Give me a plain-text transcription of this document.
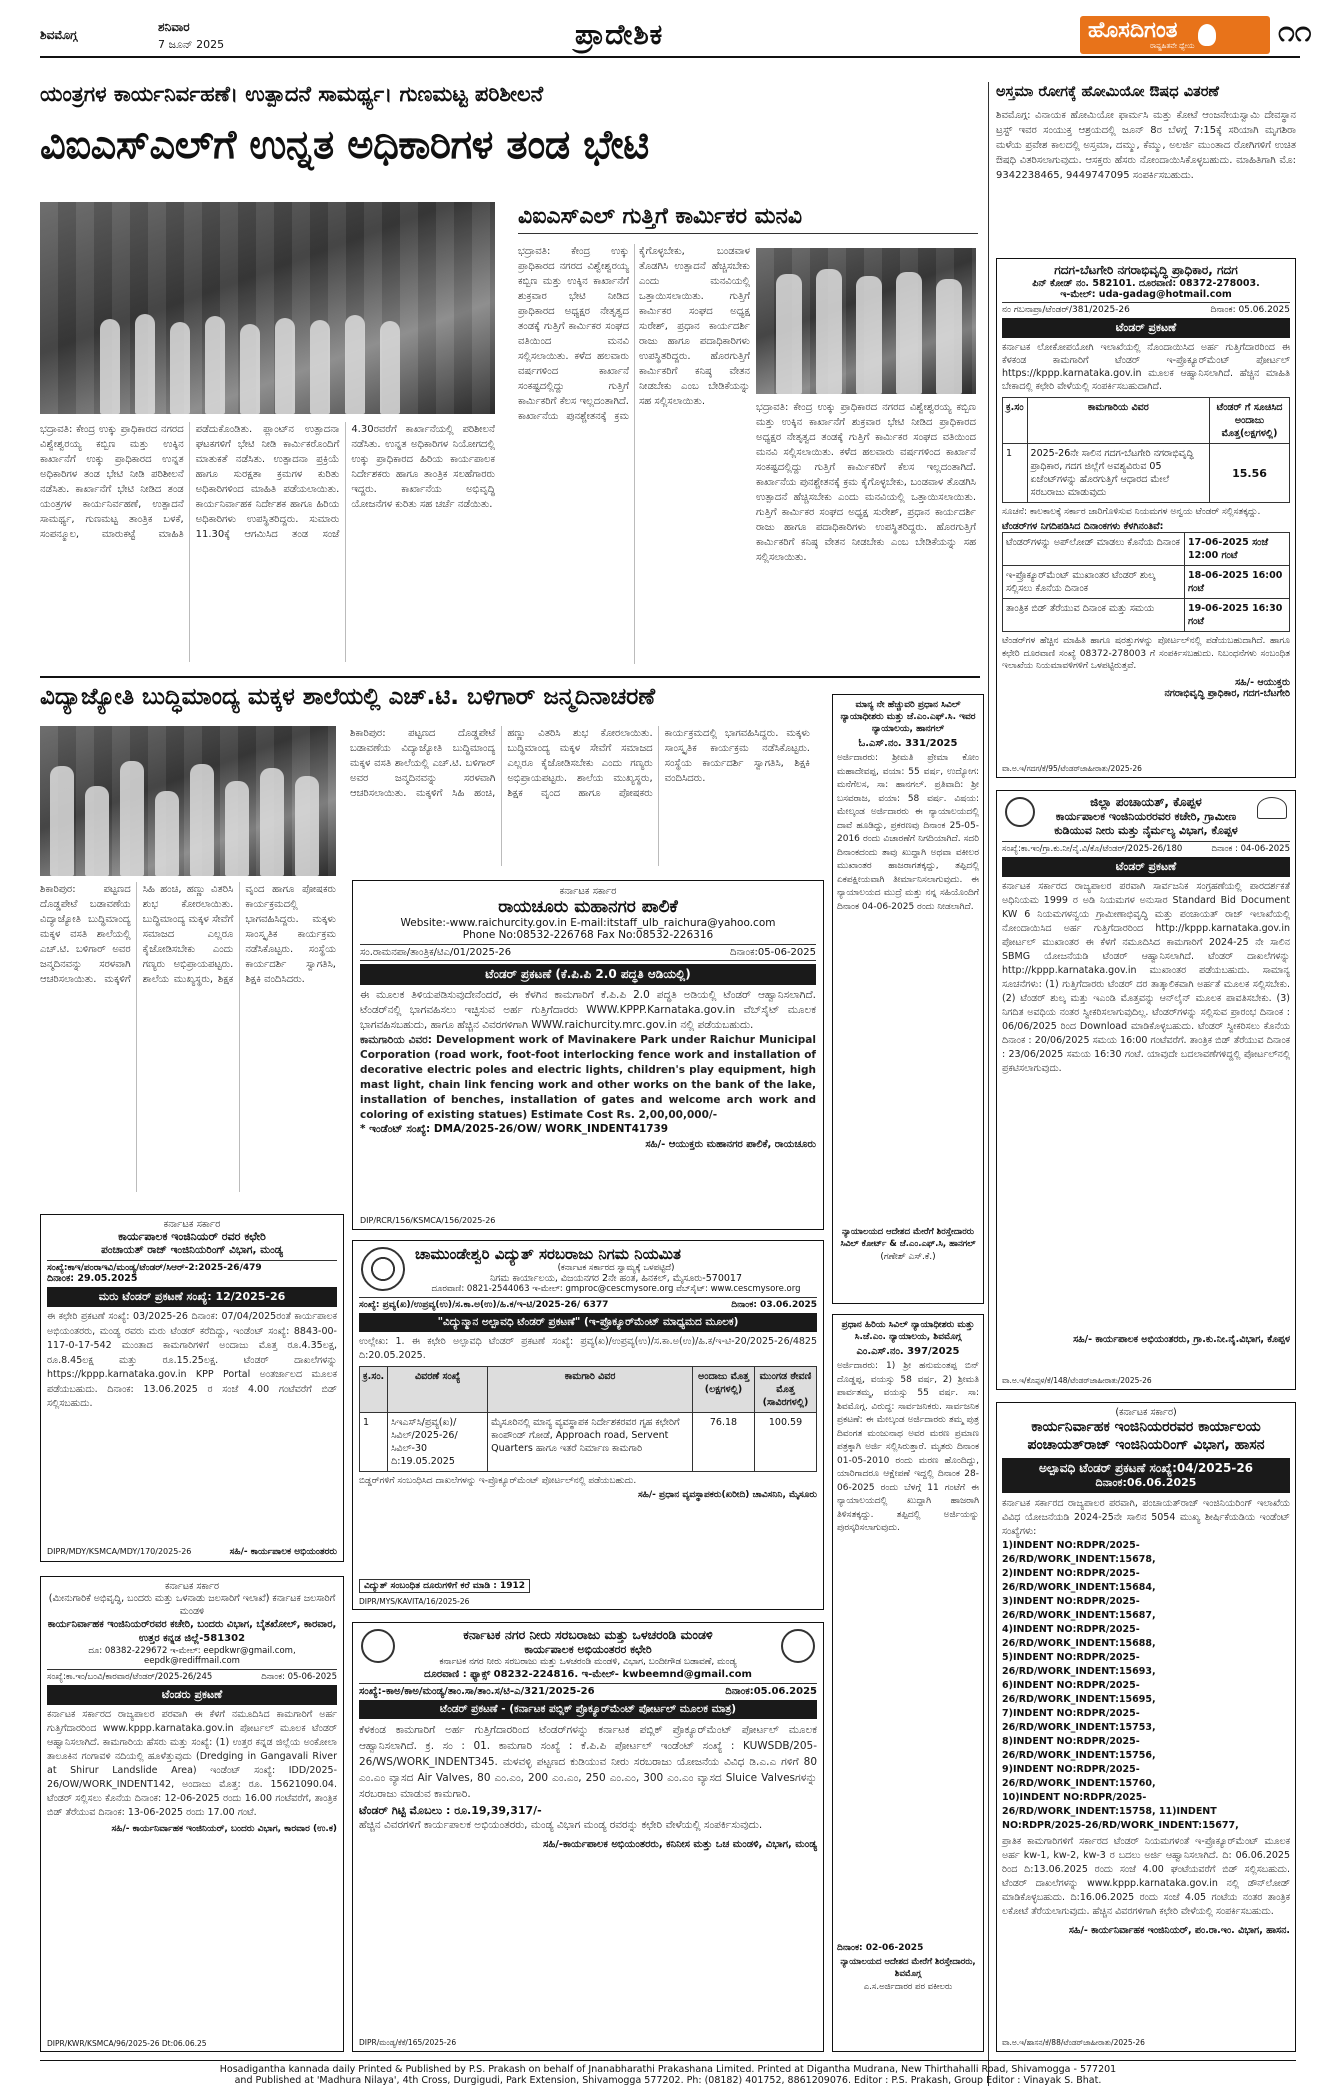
ಶಿವಮೊಗ್ಗ
ಶನಿವಾರ
7 ಜೂನ್ 2025	ಪ್ರಾದೇಶಿಕ	ಹೊಸದಿಗಂತ
ರಾಷ್ಟ್ರಹಿತವೇ ಧ್ಯೇಯ	೧೧
ಯಂತ್ರಗಳ ಕಾರ್ಯನಿರ್ವಹಣೆ। ಉತ್ಪಾದನೆ ಸಾಮರ್ಥ್ಯ। ಗುಣಮಟ್ಟ ಪರಿಶೀಲನೆ
ವಿಐಎಸ್‌ಎಲ್‌ಗೆ ಉನ್ನತ ಅಧಿಕಾರಿಗಳ ತಂಡ ಭೇಟಿ
ಭದ್ರಾವತಿ: ಕೇಂದ್ರ ಉಕ್ಕು ಪ್ರಾಧಿಕಾರದ ನಗರದ ವಿಶ್ವೇಶ್ವರಯ್ಯ ಕಬ್ಬಿಣ ಮತ್ತು ಉಕ್ಕಿನ ಕಾರ್ಖಾನೆಗೆ ಉಕ್ಕು ಪ್ರಾಧಿಕಾರದ ಉನ್ನತ ಅಧಿಕಾರಿಗಳ ತಂಡ ಭೇಟಿ ನೀಡಿ ಪರಿಶೀಲನೆ ನಡೆಸಿತು. ಕಾರ್ಖಾನೆಗೆ ಭೇಟಿ ನೀಡಿದ ತಂಡ ಯಂತ್ರಗಳ ಕಾರ್ಯನಿರ್ವಹಣೆ, ಉತ್ಪಾದನೆ ಸಾಮರ್ಥ್ಯ, ಗುಣಮಟ್ಟ ತಾಂತ್ರಿಕ ಬಳಕೆ, ಸಂಪನ್ಮೂಲ, ಮಾರುಕಟ್ಟೆ ಮಾಹಿತಿ ಪಡೆದುಕೊಂಡಿತು. ಪ್ಲಾಂಟ್‌ನ ಉತ್ಪಾದನಾ ಘಟಕಗಳಿಗೆ ಭೇಟಿ ನೀಡಿ ಕಾರ್ಮಿಕರೊಂದಿಗೆ ಮಾತುಕತೆ ನಡೆಸಿತು. ಉತ್ಪಾದನಾ ಪ್ರಕ್ರಿಯೆ ಹಾಗೂ ಸುರಕ್ಷತಾ ಕ್ರಮಗಳ ಕುರಿತು ಅಧಿಕಾರಿಗಳಿಂದ ಮಾಹಿತಿ ಪಡೆಯಲಾಯಿತು. ಕಾರ್ಯನಿರ್ವಾಹಕ ನಿರ್ದೇಶಕ ಹಾಗೂ ಹಿರಿಯ ಅಧಿಕಾರಿಗಳು ಉಪಸ್ಥಿತರಿದ್ದರು. ಸುಮಾರು 11.30ಕ್ಕೆ ಆಗಮಿಸಿದ ತಂಡ ಸಂಜೆ 4.30ರವರೆಗೆ ಕಾರ್ಖಾನೆಯಲ್ಲಿ ಪರಿಶೀಲನೆ ನಡೆಸಿತು. ಉನ್ನತ ಅಧಿಕಾರಿಗಳ ನಿಯೋಗದಲ್ಲಿ ಉಕ್ಕು ಪ್ರಾಧಿಕಾರದ ಹಿರಿಯ ಕಾರ್ಯಪಾಲಕ ನಿರ್ದೇಶಕರು ಹಾಗೂ ತಾಂತ್ರಿಕ ಸಲಹೆಗಾರರು ಇದ್ದರು. ಕಾರ್ಖಾನೆಯ ಅಭಿವೃದ್ಧಿ ಯೋಜನೆಗಳ ಕುರಿತು ಸಹ ಚರ್ಚೆ ನಡೆಯಿತು.
ವಿಐಎಸ್‌ಎಲ್ ಗುತ್ತಿಗೆ ಕಾರ್ಮಿಕರ ಮನವಿ
ಭದ್ರಾವತಿ: ಕೇಂದ್ರ ಉಕ್ಕು ಪ್ರಾಧಿಕಾರದ ನಗರದ ವಿಶ್ವೇಶ್ವರಯ್ಯ ಕಬ್ಬಿಣ ಮತ್ತು ಉಕ್ಕಿನ ಕಾರ್ಖಾನೆಗೆ ಶುಕ್ರವಾರ ಭೇಟಿ ನೀಡಿದ ಪ್ರಾಧಿಕಾರದ ಅಧ್ಯಕ್ಷರ ನೇತೃತ್ವದ ತಂಡಕ್ಕೆ ಗುತ್ತಿಗೆ ಕಾರ್ಮಿಕರ ಸಂಘದ ವತಿಯಿಂದ ಮನವಿ ಸಲ್ಲಿಸಲಾಯಿತು. ಕಳೆದ ಹಲವಾರು ವರ್ಷಗಳಿಂದ ಕಾರ್ಖಾನೆ ಸಂಕಷ್ಟದಲ್ಲಿದ್ದು ಗುತ್ತಿಗೆ ಕಾರ್ಮಿಕರಿಗೆ ಕೆಲಸ ಇಲ್ಲದಂತಾಗಿದೆ. ಕಾರ್ಖಾನೆಯ ಪುನಶ್ಚೇತನಕ್ಕೆ ಕ್ರಮ ಕೈಗೊಳ್ಳಬೇಕು, ಬಂಡವಾಳ ತೊಡಗಿಸಿ ಉತ್ಪಾದನೆ ಹೆಚ್ಚಿಸಬೇಕು ಎಂದು ಮನವಿಯಲ್ಲಿ ಒತ್ತಾಯಿಸಲಾಯಿತು. ಗುತ್ತಿಗೆ ಕಾರ್ಮಿಕರ ಸಂಘದ ಅಧ್ಯಕ್ಷ ಸುರೇಶ್, ಪ್ರಧಾನ ಕಾರ್ಯದರ್ಶಿ ರಾಜು ಹಾಗೂ ಪದಾಧಿಕಾರಿಗಳು ಉಪಸ್ಥಿತರಿದ್ದರು. ಹೊರಗುತ್ತಿಗೆ ಕಾರ್ಮಿಕರಿಗೆ ಕನಿಷ್ಠ ವೇತನ ನೀಡಬೇಕು ಎಂಬ ಬೇಡಿಕೆಯನ್ನು ಸಹ ಸಲ್ಲಿಸಲಾಯಿತು.
ಭದ್ರಾವತಿ: ಕೇಂದ್ರ ಉಕ್ಕು ಪ್ರಾಧಿಕಾರದ ನಗರದ ವಿಶ್ವೇಶ್ವರಯ್ಯ ಕಬ್ಬಿಣ ಮತ್ತು ಉಕ್ಕಿನ ಕಾರ್ಖಾನೆಗೆ ಶುಕ್ರವಾರ ಭೇಟಿ ನೀಡಿದ ಪ್ರಾಧಿಕಾರದ ಅಧ್ಯಕ್ಷರ ನೇತೃತ್ವದ ತಂಡಕ್ಕೆ ಗುತ್ತಿಗೆ ಕಾರ್ಮಿಕರ ಸಂಘದ ವತಿಯಿಂದ ಮನವಿ ಸಲ್ಲಿಸಲಾಯಿತು. ಕಳೆದ ಹಲವಾರು ವರ್ಷಗಳಿಂದ ಕಾರ್ಖಾನೆ ಸಂಕಷ್ಟದಲ್ಲಿದ್ದು ಗುತ್ತಿಗೆ ಕಾರ್ಮಿಕರಿಗೆ ಕೆಲಸ ಇಲ್ಲದಂತಾಗಿದೆ. ಕಾರ್ಖಾನೆಯ ಪುನಶ್ಚೇತನಕ್ಕೆ ಕ್ರಮ ಕೈಗೊಳ್ಳಬೇಕು, ಬಂಡವಾಳ ತೊಡಗಿಸಿ ಉತ್ಪಾದನೆ ಹೆಚ್ಚಿಸಬೇಕು ಎಂದು ಮನವಿಯಲ್ಲಿ ಒತ್ತಾಯಿಸಲಾಯಿತು. ಗುತ್ತಿಗೆ ಕಾರ್ಮಿಕರ ಸಂಘದ ಅಧ್ಯಕ್ಷ ಸುರೇಶ್, ಪ್ರಧಾನ ಕಾರ್ಯದರ್ಶಿ ರಾಜು ಹಾಗೂ ಪದಾಧಿಕಾರಿಗಳು ಉಪಸ್ಥಿತರಿದ್ದರು. ಹೊರಗುತ್ತಿಗೆ ಕಾರ್ಮಿಕರಿಗೆ ಕನಿಷ್ಠ ವೇತನ ನೀಡಬೇಕು ಎಂಬ ಬೇಡಿಕೆಯನ್ನು ಸಹ ಸಲ್ಲಿಸಲಾಯಿತು.
ಅಸ್ತಮಾ ರೋಗಕ್ಕೆ ಹೋಮಿಯೋ ಔಷಧ ವಿತರಣೆ
ಶಿವಮೊಗ್ಗ: ವಿನಾಯಕ ಹೋಮಿಯೋ ಫಾರ್ಮಸಿ ಮತ್ತು ಕೋಟೆ ಆಂಜನೇಯಸ್ವಾಮಿ ದೇವಸ್ಥಾನ ಟ್ರಸ್ಟ್ ಇವರ ಸಂಯುಕ್ತ ಆಶ್ರಯದಲ್ಲಿ ಜೂನ್ 8ರ ಬೆಳಗ್ಗೆ 7:15ಕ್ಕೆ ಸರಿಯಾಗಿ ಮೃಗಶಿರಾ ಮಳೆಯ ಪ್ರವೇಶ ಕಾಲದಲ್ಲಿ ಅಸ್ತಮಾ, ದಮ್ಮು, ಕೆಮ್ಮು, ಅಲರ್ಜಿ ಮುಂತಾದ ರೋಗಿಗಳಿಗೆ ಉಚಿತ ಔಷಧಿ ವಿತರಿಸಲಾಗುವುದು. ಆಸಕ್ತರು ಹೆಸರು ನೋಂದಾಯಿಸಿಕೊಳ್ಳಬಹುದು. ಮಾಹಿತಿಗಾಗಿ ಮೊ: 9342238465, 9449747095 ಸಂಪರ್ಕಿಸಬಹುದು.
ಗದಗ-ಬೆಟಗೇರಿ ನಗರಾಭಿವೃದ್ಧಿ ಪ್ರಾಧಿಕಾರ, ಗದಗ
ಪಿನ್ ಕೋಡ್ ನಂ. 582101. ದೂರವಾಣಿ: 08372-278003.
ಇ-ಮೇಲ್: uda-gadag@hotmail.com
ನಂ ಗಬನಾಪ್ರಾ/ಟೆಂಡರ್/381/2025-26	ದಿನಾಂಕ: 05.06.2025
ಟೆಂಡರ್ ಪ್ರಕಟಣೆ
ಕರ್ನಾಟಕ ಲೋಕೋಪಯೋಗಿ ಇಲಾಖೆಯಲ್ಲಿ ನೊಂದಾಯಿಸಿದ ಅರ್ಹ ಗುತ್ತಿಗೆದಾರರಿಂದ ಈ ಕೆಳಕಂಡ ಕಾಮಗಾರಿಗೆ ಟೆಂಡರ್ ಇ-ಪ್ರೊಕ್ಯೂರ್‌ಮೆಂಟ್ ಪೋರ್ಟಲ್ https://kppp.karnataka.gov.in ಮೂಲಕ ಆಹ್ವಾನಿಸಲಾಗಿದೆ. ಹೆಚ್ಚಿನ ಮಾಹಿತಿ ಬೇಕಾದಲ್ಲಿ ಕಛೇರಿ ವೇಳೆಯಲ್ಲಿ ಸಂಪರ್ಕಿಸಬಹುದಾಗಿದೆ.
ಕ್ರ.ಸಂ	ಕಾಮಗಾರಿಯ ವಿವರ	ಟೆಂಡರ್ ಗೆ ಸೂಚಿಸಿದ ಅಂದಾಜು ಮೊತ್ತ(ಲಕ್ಷಗಳಲ್ಲಿ)
1	2025-26ನೇ ಸಾಲಿನ ಗದಗ-ಬೆಟಗೇರಿ ನಗರಾಭಿವೃದ್ಧಿ ಪ್ರಾಧಿಕಾರ, ಗದಗ ಜಿಲ್ಲೆಗೆ ಅವಶ್ಯವಿರುವ 05 ಏಜೆಂಟ್‌ಗಳನ್ನು ಹೊರಗುತ್ತಿಗೆ ಆಧಾರದ ಮೇಲೆ ಸರಬರಾಜು ಮಾಡುವುದು	15.56
ಸೂಚನೆ: ಕಾಲಕಾಲಕ್ಕೆ ಸರ್ಕಾರ ಜಾರಿಗೊಳಿಸುವ ನಿಯಮಗಳ ಅನ್ವಯ ಟೆಂಡರ್ ಸಲ್ಲಿಸತಕ್ಕದ್ದು.
ಟೆಂಡರ್‌ಗಳ ನಿಗದಿಪಡಿಸಿದ ದಿನಾಂಕಗಳು ಕೆಳಗಿನಂತಿವೆ:
ಟೆಂಡರ್‌ಗಳನ್ನು ಅಪ್‌ಲೋಡ್ ಮಾಡಲು ಕೊನೆಯ ದಿನಾಂಕ	17-06-2025 ಸಂಜೆ 12:00 ಗಂಟೆ
ಇ-ಪ್ರೊಕ್ಯೂರ್‌ಮೆಂಟ್ ಮುಖಾಂತರ ಟೆಂಡರ್ ಶುಲ್ಕ ಸಲ್ಲಿಸಲು ಕೊನೆಯ ದಿನಾಂಕ	18-06-2025 16:00 ಗಂಟೆ
ತಾಂತ್ರಿಕ ಬಿಡ್ ತೆರೆಯುವ ದಿನಾಂಕ ಮತ್ತು ಸಮಯ	19-06-2025 16:30 ಗಂಟೆ
ಟೆಂಡರ್‌ಗಳ ಹೆಚ್ಚಿನ ಮಾಹಿತಿ ಹಾಗೂ ಷರತ್ತುಗಳನ್ನು ಪೋರ್ಟಲ್‌ನಲ್ಲಿ ಪಡೆಯಬಹುದಾಗಿದೆ. ಹಾಗೂ ಕಛೇರಿ ದೂರವಾಣಿ ಸಂಖ್ಯೆ 08372-278003 ಗೆ ಸಂಪರ್ಕಿಸಬಹುದು. ನಿಬಂಧನೆಗಳು ಸಂಬಂಧಿತ ಇಲಾಖೆಯ ನಿಯಮಾವಳಿಗಳಿಗೆ ಒಳಪಟ್ಟಿರುತ್ತವೆ.
ಸಹಿ/- ಆಯುಕ್ತರು
ನಗರಾಭಿವೃದ್ಧಿ ಪ್ರಾಧಿಕಾರ, ಗದಗ-ಬೆಟಗೇರಿ
ವಾ.ಅ.ಇ/ಗದಗ/ಕೆ/95/ಟೆಂಡರ್‌ಜಾಹೀರಾತು/2025-26
ಜಿಲ್ಲಾ ಪಂಚಾಯತ್, ಕೊಪ್ಪಳ
ಕಾರ್ಯಪಾಲಕ ಇಂಜಿನಿಯರರವರ ಕಚೇರಿ, ಗ್ರಾಮೀಣ ಕುಡಿಯುವ ನೀರು ಮತ್ತು ನೈರ್ಮಲ್ಯ ವಿಭಾಗ, ಕೊಪ್ಪಳ
ಸಂಖ್ಯೆ:ಕಾ.ಇಂ/ಗ್ರಾ.ಕು.ನೀ/ನೈ.ವಿ/ಕೊ/ಟೆಂಡರ್/2025-26/180	ದಿನಾಂಕ : 04-06-2025
ಟೆಂಡರ್ ಪ್ರಕಟಣೆ
ಕರ್ನಾಟಕ ಸರ್ಕಾರದ ರಾಜ್ಯಪಾಲರ ಪರವಾಗಿ ಸಾರ್ವಜನಿಕ ಸಂಗ್ರಹಣೆಯಲ್ಲಿ ಪಾರದರ್ಶಕತೆ ಅಧಿನಿಯಮ 1999 ರ ಅಡಿ ನಿಯಮಗಳ ಅನುಸಾರ Standard Bid Document KW 6 ನಿಯಮಗಳನ್ವಯ ಗ್ರಾಮೀಣಾಭಿವೃದ್ಧಿ ಮತ್ತು ಪಂಚಾಯತ್ ರಾಜ್ ಇಲಾಖೆಯಲ್ಲಿ ನೋಂದಾಯಿಸಿದ ಅರ್ಹ ಗುತ್ತಿಗೆದಾರರಿಂದ http://kppp.karnataka.gov.in ಪೋರ್ಟಲ್ ಮುಖಾಂತರ ಈ ಕೆಳಗೆ ನಮೂದಿಸಿದ ಕಾಮಗಾರಿಗೆ 2024-25 ನೇ ಸಾಲಿನ SBMG ಯೋಜನೆಯಡಿ ಟೆಂಡರ್ ಆಹ್ವಾನಿಸಲಾಗಿದೆ. ಟೆಂಡರ್ ದಾಖಲೆಗಳನ್ನು http://kppp.karnataka.gov.in ಮುಖಾಂತರ ಪಡೆಯಬಹುದು. ಸಾಮಾನ್ಯ ಸೂಚನೆಗಳು: (1) ಗುತ್ತಿಗೆದಾರರು ಟೆಂಡರ್ ದರ ತಾತ್ಕಾಲಿಕವಾಗಿ ಅರ್ಹತೆ ಮೂಲಕ ಸಲ್ಲಿಸಬೇಕು. (2) ಟೆಂಡರ್ ಶುಲ್ಕ ಮತ್ತು ಇಎಂಡಿ ಮೊತ್ತವನ್ನು ಆನ್‌ಲೈನ್ ಮೂಲಕ ಪಾವತಿಸಬೇಕು. (3) ನಿಗದಿತ ಅವಧಿಯ ನಂತರ ಸ್ವೀಕರಿಸಲಾಗುವುದಿಲ್ಲ. ಟೆಂಡರ್‌ಗಳನ್ನು ಸಲ್ಲಿಸುವ ಪ್ರಾರಂಭ ದಿನಾಂಕ : 06/06/2025 ರಿಂದ Download ಮಾಡಿಕೊಳ್ಳಬಹುದು. ಟೆಂಡರ್ ಸ್ವೀಕರಿಸಲು ಕೊನೆಯ ದಿನಾಂಕ : 20/06/2025 ಸಮಯ 16:00 ಗಂಟೆವರೆಗೆ. ತಾಂತ್ರಿಕ ಬಿಡ್ ತೆರೆಯುವ ದಿನಾಂಕ : 23/06/2025 ಸಮಯ 16:30 ಗಂಟೆ. ಯಾವುದೇ ಬದಲಾವಣೆಗಳಿದ್ದಲ್ಲಿ ಪೋರ್ಟಲ್‌ನಲ್ಲಿ ಪ್ರಕಟಿಸಲಾಗುವುದು.
ಸಹಿ/- ಕಾರ್ಯಪಾಲಕ ಅಭಿಯಂತರರು, ಗ್ರಾ.ಕು.ನೀ.ನೈ.ವಿಭಾಗ, ಕೊಪ್ಪಳ
ವಾ.ಅ.ಇ/ಕೊಪ್ಪಳ/ಕೆ/148/ಟೆಂಡರ್‌ಜಾಹೀರಾತು/2025-26
(ಕರ್ನಾಟಕ ಸರ್ಕಾರ)
ಕಾರ್ಯನಿರ್ವಾಹಕ ಇಂಜಿನಿಯರರವರ ಕಾರ್ಯಾಲಯ ಪಂಚಾಯತ್‌ರಾಜ್ ಇಂಜಿನಿಯರಿಂಗ್ ವಿಭಾಗ, ಹಾಸನ
ಅಲ್ಪಾವಧಿ ಟೆಂಡರ್ ಪ್ರಕಟಣೆ ಸಂಖ್ಯೆ:04/2025-26
ದಿನಾಂಕ:06.06.2025
ಕರ್ನಾಟಕ ಸರ್ಕಾರದ ರಾಜ್ಯಪಾಲರ ಪರವಾಗಿ, ಪಂಚಾಯತ್‌ರಾಜ್ ಇಂಜಿನಿಯರಿಂಗ್ ಇಲಾಖೆಯ ವಿವಿಧ ಯೋಜನೆಯಡಿ 2024-25ನೇ ಸಾಲಿನ 5054 ಮುಖ್ಯ ಶೀರ್ಷಿಕೆಯಡಿಯ ಇಂಡೆಂಟ್ ಸಂಖ್ಯೆಗಳು:
1)INDENT NO:RDPR/2025-26/RD/WORK_INDENT:15678,
2)INDENT NO:RDPR/2025-26/RD/WORK_INDENT:15684,
3)INDENT NO:RDPR/2025-26/RD/WORK_INDENT:15687,
4)INDENT NO:RDPR/2025-26/RD/WORK_INDENT:15688,
5)INDENT NO:RDPR/2025-26/RD/WORK_INDENT:15693,
6)INDENT NO:RDPR/2025-26/RD/WORK_INDENT:15695,
7)INDENT NO:RDPR/2025-26/RD/WORK_INDENT:15753,
8)INDENT NO:RDPR/2025-26/RD/WORK_INDENT:15756,
9)INDENT NO:RDPR/2025-26/RD/WORK_INDENT:15760,
10)INDENT NO:RDPR/2025-26/RD/WORK_INDENT:15758, 11)INDENT NO:RDPR/2025-26/RD/WORK_INDENT:15677,
ಪ್ರಾತಿಕ ಕಾಮಗಾರಿಗಳಿಗೆ ಸರ್ಕಾರದ ಟೆಂಡರ್ ನಿಯಮಗಳಂತೆ ಇ-ಪ್ರೊಕ್ಯೂರ್‌ಮೆಂಟ್ ಮೂಲಕ ಅರ್ಹ kw-1, kw-2, kw-3 ರ ಬದಲು ಅರ್ಜಿ ಆಹ್ವಾನಿಸಲಾಗಿದೆ. ದಿ: 06.06.2025 ರಿಂದ ದಿ:13.06.2025 ರಂದು ಸಂಜೆ 4.00 ಘಂಟೆಯವರೆಗೆ ಬಿಡ್ ಸಲ್ಲಿಸಬಹುದು. ಟೆಂಡರ್ ದಾಖಲೆಗಳನ್ನು www.kppp.karnataka.gov.in ನಲ್ಲಿ ಡೌನ್‌ಲೋಡ್ ಮಾಡಿಕೊಳ್ಳಬಹುದು. ದಿ:16.06.2025 ರಂದು ಸಂಜೆ 4.05 ಗಂಟೆಯ ನಂತರ ತಾಂತ್ರಿಕ ಲಕೋಟೆ ತೆರೆಯಲಾಗುವುದು. ಹೆಚ್ಚಿನ ವಿವರಗಳಿಗಾಗಿ ಕಛೇರಿ ವೇಳೆಯಲ್ಲಿ ಸಂಪರ್ಕಿಸಬಹುದು.
ಸಹಿ/- ಕಾರ್ಯನಿರ್ವಾಹಕ ಇಂಜಿನಿಯರ್, ಪಂ.ರಾ.ಇಂ. ವಿಭಾಗ, ಹಾಸನ.
ವಾ.ಅ.ಇ/ಹಾಸನ/ಕೆ/88/ಟೆಂಡರ್‌ಜಾಹೀರಾತು/2025-26
ವಿದ್ಯಾಜ್ಯೋತಿ ಬುದ್ಧಿಮಾಂದ್ಯ ಮಕ್ಕಳ ಶಾಲೆಯಲ್ಲಿ ಎಚ್.ಟಿ. ಬಳಿಗಾರ್ ಜನ್ಮದಿನಾಚರಣೆ
ಶಿಕಾರಿಪುರ: ಪಟ್ಟಣದ ದೊಡ್ಡಪೇಟೆ ಬಡಾವಣೆಯ ವಿದ್ಯಾಜ್ಯೋತಿ ಬುದ್ಧಿಮಾಂದ್ಯ ಮಕ್ಕಳ ವಸತಿ ಶಾಲೆಯಲ್ಲಿ ಎಚ್.ಟಿ. ಬಳಿಗಾರ್ ಅವರ ಜನ್ಮದಿನವನ್ನು ಸರಳವಾಗಿ ಆಚರಿಸಲಾಯಿತು. ಮಕ್ಕಳಿಗೆ ಸಿಹಿ ಹಂಚಿ, ಹಣ್ಣು ವಿತರಿಸಿ ಶುಭ ಕೋರಲಾಯಿತು. ಬುದ್ಧಿಮಾಂದ್ಯ ಮಕ್ಕಳ ಸೇವೆಗೆ ಸಮಾಜದ ಎಲ್ಲರೂ ಕೈಜೋಡಿಸಬೇಕು ಎಂದು ಗಣ್ಯರು ಅಭಿಪ್ರಾಯಪಟ್ಟರು. ಶಾಲೆಯ ಮುಖ್ಯಸ್ಥರು, ಶಿಕ್ಷಕ ವೃಂದ ಹಾಗೂ ಪೋಷಕರು ಕಾರ್ಯಕ್ರಮದಲ್ಲಿ ಭಾಗವಹಿಸಿದ್ದರು. ಮಕ್ಕಳು ಸಾಂಸ್ಕೃತಿಕ ಕಾರ್ಯಕ್ರಮ ನಡೆಸಿಕೊಟ್ಟರು. ಸಂಸ್ಥೆಯ ಕಾರ್ಯದರ್ಶಿ ಸ್ವಾಗತಿಸಿ, ಶಿಕ್ಷಕಿ ವಂದಿಸಿದರು.
ಶಿಕಾರಿಪುರ: ಪಟ್ಟಣದ ದೊಡ್ಡಪೇಟೆ ಬಡಾವಣೆಯ ವಿದ್ಯಾಜ್ಯೋತಿ ಬುದ್ಧಿಮಾಂದ್ಯ ಮಕ್ಕಳ ವಸತಿ ಶಾಲೆಯಲ್ಲಿ ಎಚ್.ಟಿ. ಬಳಿಗಾರ್ ಅವರ ಜನ್ಮದಿನವನ್ನು ಸರಳವಾಗಿ ಆಚರಿಸಲಾಯಿತು. ಮಕ್ಕಳಿಗೆ ಸಿಹಿ ಹಂಚಿ, ಹಣ್ಣು ವಿತರಿಸಿ ಶುಭ ಕೋರಲಾಯಿತು. ಬುದ್ಧಿಮಾಂದ್ಯ ಮಕ್ಕಳ ಸೇವೆಗೆ ಸಮಾಜದ ಎಲ್ಲರೂ ಕೈಜೋಡಿಸಬೇಕು ಎಂದು ಗಣ್ಯರು ಅಭಿಪ್ರಾಯಪಟ್ಟರು. ಶಾಲೆಯ ಮುಖ್ಯಸ್ಥರು, ಶಿಕ್ಷಕ ವೃಂದ ಹಾಗೂ ಪೋಷಕರು ಕಾರ್ಯಕ್ರಮದಲ್ಲಿ ಭಾಗವಹಿಸಿದ್ದರು. ಮಕ್ಕಳು ಸಾಂಸ್ಕೃತಿಕ ಕಾರ್ಯಕ್ರಮ ನಡೆಸಿಕೊಟ್ಟರು. ಸಂಸ್ಥೆಯ ಕಾರ್ಯದರ್ಶಿ ಸ್ವಾಗತಿಸಿ, ಶಿಕ್ಷಕಿ ವಂದಿಸಿದರು.
ಕರ್ನಾಟಕ ಸರ್ಕಾರ
ರಾಯಚೂರು ಮಹಾನಗರ ಪಾಲಿಕೆ
Website:-www.raichurcity.gov.in E-mail:itstaff_ulb_raichura@yahoo.com
Phone No:08532-226768 Fax No:08532-226316
ಸಂ.ರಾಮನಪಾ/ತಾಂತ್ರಿಕ/ಟಿಎ/01/2025-26	ದಿನಾಂಕ:05-06-2025
ಟೆಂಡರ್ ಪ್ರಕಟಣೆ (ಕೆ.ಪಿ.ಪಿ 2.0 ಪದ್ಧತಿ ಆಡಿಯಲ್ಲಿ)
ಈ ಮೂಲಕ ತಿಳಿಯಪಡಿಸುವುದೇನೆಂದರೆ, ಈ ಕೆಳಗಿನ ಕಾಮಗಾರಿಗೆ ಕೆ.ಪಿ.ಪಿ 2.0 ಪದ್ಧತಿ ಅಡಿಯಲ್ಲಿ ಟೆಂಡರ್ ಆಹ್ವಾನಿಸಲಾಗಿದೆ. ಟೆಂಡರ್‌ನಲ್ಲಿ ಭಾಗವಹಿಸಲು ಇಚ್ಛಿಸುವ ಅರ್ಹ ಗುತ್ತಿಗೆದಾರರು WWW.KPPP.Karnataka.gov.in ವೆಬ್‌ಸೈಟ್ ಮೂಲಕ ಭಾಗವಹಿಸಬಹುದು, ಹಾಗೂ ಹೆಚ್ಚಿನ ವಿವರಗಳಿಗಾಗಿ WWW.raichurcity.mrc.gov.in ನಲ್ಲಿ ಪಡೆಯಬಹುದು.
ಕಾಮಗಾರಿಯ ವಿವರ: Development work of Mavinakere Park under Raichur Municipal Corporation (road work, foot-foot interlocking fence work and installation of decorative electric poles and electric lights, children's play equipment, high mast light, chain link fencing work and other works on the bank of the lake, installation of benches, installation of gates and welcome arch work and coloring of existing statues) Estimate Cost Rs. 2,00,00,000/-
* ಇಂಡೆಂಟ್ ಸಂಖ್ಯೆ: DMA/2025-26/OW/ WORK_INDENT41739
ಸಹಿ/- ಆಯುಕ್ತರು ಮಹಾನಗರ ಪಾಲಿಕೆ, ರಾಯಚೂರು
DIP/RCR/156/KSMCA/156/2025-26
ಮಾನ್ಯ ನೇ ಹೆಚ್ಚುವರಿ ಪ್ರಧಾನ ಸಿವಿಲ್ ನ್ಯಾಯಾಧೀಶರು ಮತ್ತು ಜೆ.ಎಂ.ಎಫ್.ಸಿ. ಇವರ ನ್ಯಾಯಾಲಯ, ಹಾನಗಲ್
ಓ.ಎಸ್.ನಂ. 331/2025
ಅರ್ಜಿದಾರರು: ಶ್ರೀಮತಿ ಪ್ರೇಮಾ ಕೋಂ ಮಹಾದೇವಪ್ಪ, ವಯಾ: 55 ವರ್ಷ, ಉದ್ಯೋಗ: ಮನೆಗೆಲಸ, ಸಾ: ಹಾನಗಲ್. ಪ್ರತಿವಾದಿ: ಶ್ರೀ ಬಸವರಾಜ, ವಯಾ: 58 ವರ್ಷ. ವಿಷಯ: ಮೇಲ್ಕಂಡ ಅರ್ಜಿದಾರರು ಈ ನ್ಯಾಯಾಲಯದಲ್ಲಿ ದಾವೆ ಹೂಡಿದ್ದು, ಪ್ರಕರಣವು ದಿನಾಂಕ 25-05-2016 ರಂದು ವಿಚಾರಣೆಗೆ ನಿಗದಿಯಾಗಿದೆ. ಸದರಿ ದಿನಾಂಕದಂದು ತಾವು ಖುದ್ದಾಗಿ ಅಥವಾ ವಕೀಲರ ಮುಖಾಂತರ ಹಾಜರಾಗತಕ್ಕದ್ದು, ತಪ್ಪಿದಲ್ಲಿ ಏಕಪಕ್ಷೀಯವಾಗಿ ತೀರ್ಮಾನಿಸಲಾಗುವುದು. ಈ ನ್ಯಾಯಾಲಯದ ಮುದ್ರೆ ಮತ್ತು ನನ್ನ ಸಹಿಯೊಂದಿಗೆ ದಿನಾಂಕ 04-06-2025 ರಂದು ನೀಡಲಾಗಿದೆ.
ನ್ಯಾಯಾಲಯದ ಆದೇಶದ ಮೇರೆಗೆ ಶಿರಸ್ತೇದಾರರು ಸಿವಿಲ್ ಕೋರ್ಟ್ & ಜೆ.ಎಂ.ಎಫ್.ಸಿ, ಹಾನಗಲ್
(ಗಣೇಶ್ ಎಸ್.ಕೆ.)
ಪ್ರಧಾನ ಹಿರಿಯ ಸಿವಿಲ್ ನ್ಯಾಯಾಧೀಶರು ಮತ್ತು ಸಿ.ಜೆ.ಎಂ. ನ್ಯಾಯಾಲಯ, ಶಿವಮೊಗ್ಗ
ಎಂ.ಎಸ್.ನಂ. 397/2025
ಅರ್ಜಿದಾರರು: 1) ಶ್ರೀ ಹನುಮಂತಪ್ಪ ಬಿನ್ ದೊಡ್ಡಪ್ಪ, ವಯಸ್ಸು 58 ವರ್ಷ, 2) ಶ್ರೀಮತಿ ಪಾರ್ವತಮ್ಮ, ವಯಸ್ಸು 55 ವರ್ಷ. ಸಾ: ಶಿವಮೊಗ್ಗ. ವಿರುದ್ಧ: ಸಾರ್ವಜನಿಕರು. ಸಾರ್ವಜನಿಕ ಪ್ರಕಟಣೆ: ಈ ಮೇಲ್ಕಂಡ ಅರ್ಜಿದಾರರು ತಮ್ಮ ಪುತ್ರ ದಿವಂಗತ ಮಂಜುನಾಥ ಅವರ ಮರಣ ಪ್ರಮಾಣ ಪತ್ರಕ್ಕಾಗಿ ಅರ್ಜಿ ಸಲ್ಲಿಸಿರುತ್ತಾರೆ. ಮೃತರು ದಿನಾಂಕ 01-05-2010 ರಂದು ಮರಣ ಹೊಂದಿದ್ದು, ಯಾರಿಗಾದರೂ ಆಕ್ಷೇಪಣೆ ಇದ್ದಲ್ಲಿ ದಿನಾಂಕ 28-06-2025 ರಂದು ಬೆಳಗ್ಗೆ 11 ಗಂಟೆಗೆ ಈ ನ್ಯಾಯಾಲಯದಲ್ಲಿ ಖುದ್ದಾಗಿ ಹಾಜರಾಗಿ ತಿಳಿಸತಕ್ಕದ್ದು. ತಪ್ಪಿದಲ್ಲಿ ಅರ್ಜಿಯನ್ನು ಪುರಸ್ಕರಿಸಲಾಗುವುದು.
ದಿನಾಂಕ: 02-06-2025
ನ್ಯಾಯಾಲಯದ ಆದೇಶದ ಮೇರೆಗೆ ಶಿರಸ್ತೇದಾರರು, ಶಿವಮೊಗ್ಗ
ಎ.ಸ.ಅರ್ಜಿದಾರರ ಪರ ವಕೀಲರು
ಕರ್ನಾಟಕ ಸರ್ಕಾರ
ಕಾರ್ಯಪಾಲಕ ಇಂಜಿನಿಯರ್ ರವರ ಕಛೇರಿ
ಪಂಚಾಯತ್ ರಾಜ್ ಇಂಜಿನಿಯರಿಂಗ್ ವಿಭಾಗ, ಮಂಡ್ಯ
ಸಂಖ್ಯೆ:ಕಾಇ/ಪಂರಾಇವಿ/ಮಂಡ್ಯ/ಟೆಂಡರ್/ಸಿಆರ್-2:2025-26/479
ದಿನಾಂಕ: 29.05.2025
ಮರು ಟೆಂಡರ್ ಪ್ರಕಟಣೆ ಸಂಖ್ಯೆ: 12/2025-26
ಈ ಕಛೇರಿ ಪ್ರಕಟಣೆ ಸಂಖ್ಯೆ: 03/2025-26 ದಿನಾಂಕ: 07/04/2025ರಂತೆ ಕಾರ್ಯಪಾಲಕ ಅಭಿಯಂತರರು, ಮಂಡ್ಯ ರವರು ಮರು ಟೆಂಡರ್ ಕರೆದಿದ್ದು, ಇಂಡೆಂಟ್ ಸಂಖ್ಯೆ: 8843-00-117-0-17-542 ಮುಂತಾದ ಕಾಮಗಾರಿಗಳಿಗೆ ಅಂದಾಜು ಮೊತ್ತ ರೂ.4.35ಲಕ್ಷ, ರೂ.8.45ಲಕ್ಷ ಮತ್ತು ರೂ.15.25ಲಕ್ಷ. ಟೆಂಡರ್ ದಾಖಲೆಗಳನ್ನು https://kppp.karnataka.gov.in KPP Portal ಅಂತರ್ಜಾಲದ ಮೂಲಕ ಪಡೆಯಬಹುದು. ದಿನಾಂಕ: 13.06.2025 ರ ಸಂಜೆ 4.00 ಗಂಟೆವರೆಗೆ ಬಿಡ್ ಸಲ್ಲಿಸಬಹುದು.
DIPR/MDY/KSMCA/MDY/170/2025-26	ಸಹಿ/- ಕಾರ್ಯಪಾಲಕ ಅಭಿಯಂತರರು
ಕರ್ನಾಟಕ ಸರ್ಕಾರ
(ಮೀನುಗಾರಿಕೆ ಅಭಿವೃದ್ಧಿ, ಬಂದರು ಮತ್ತು ಒಳನಾಡು ಜಲಸಾರಿಗೆ ಇಲಾಖೆ) ಕರ್ನಾಟಕ ಜಲಸಾರಿಗೆ ಮಂಡಳಿ
ಕಾರ್ಯನಿರ್ವಾಹಕ ಇಂಜಿನಿಯರ್‌ರವರ ಕಚೇರಿ, ಬಂದರು ವಿಭಾಗ, ಬೈತಖೋಲ್, ಕಾರವಾರ, ಉತ್ತರ ಕನ್ನಡ ಜಿಲ್ಲೆ-581302
ದೂ: 08382-229672 ಇ-ಮೇಲ್: eepdkwr@gmail.com, eepdk@rediffmail.com
ಸಂಖ್ಯೆ:ಕಾ.ಇಂ/ಬಂವಿ/ಕಾರವಾರ/ಟೆಂಡರ್/2025-26/245	ದಿನಾಂಕ: 05-06-2025
ಟೆಂಡರು ಪ್ರಕಟಣೆ
ಕರ್ನಾಟಕ ಸರ್ಕಾರದ ರಾಜ್ಯಪಾಲರ ಪರವಾಗಿ ಈ ಕೆಳಗೆ ನಮೂದಿಸಿದ ಕಾಮಗಾರಿಗೆ ಅರ್ಹ ಗುತ್ತಿಗೆದಾರರಿಂದ www.kppp.karnataka.gov.in ಪೋರ್ಟಲ್ ಮೂಲಕ ಟೆಂಡರ್ ಆಹ್ವಾನಿಸಲಾಗಿದೆ. ಕಾಮಗಾರಿಯ ಹೆಸರು ಮತ್ತು ಸಂಖ್ಯೆ: (1) ಉತ್ತರ ಕನ್ನಡ ಜಿಲ್ಲೆಯ ಅಂಕೋಲಾ ತಾಲೂಕಿನ ಗಂಗಾವಳಿ ನದಿಯಲ್ಲಿ ಹೂಳೆತ್ತುವುದು (Dredging in Gangavali River at Shirur Landslide Area) ಇಂಡೆಂಟ್ ಸಂಖ್ಯೆ: IDD/2025-26/OW/WORK_INDENT142, ಅಂದಾಜು ಮೊತ್ತ: ರೂ. 15621090.04. ಟೆಂಡರ್ ಸಲ್ಲಿಸಲು ಕೊನೆಯ ದಿನಾಂಕ: 12-06-2025 ರಂದು 16.00 ಗಂಟೆವರೆಗೆ, ತಾಂತ್ರಿಕ ಬಿಡ್ ತೆರೆಯುವ ದಿನಾಂಕ: 13-06-2025 ರಂದು 17.00 ಗಂಟೆ.
ಸಹಿ/- ಕಾರ್ಯನಿರ್ವಾಹಕ ಇಂಜಿನಿಯರ್, ಬಂದರು ವಿಭಾಗ, ಕಾರವಾರ (ಉ.ಕ)
DIPR/KWR/KSMCA/96/2025-26 Dt:06.06.25
ಚಾಮುಂಡೇಶ್ವರಿ ವಿದ್ಯುತ್ ಸರಬರಾಜು ನಿಗಮ ನಿಯಮಿತ
(ಕರ್ನಾಟಕ ಸರ್ಕಾರದ ಸ್ವಾಮ್ಯಕ್ಕೆ ಒಳಪಟ್ಟಿದೆ)
ನಿಗಮ ಕಾರ್ಯಾಲಯ, ವಿಜಯನಗರ 2ನೇ ಹಂತ, ಹಿನಕಲ್, ಮೈಸೂರು-570017
ದೂರವಾಣಿ: 0821-2544063 ಇ-ಮೇಲ್: gmproc@cescmysore.org ವೆಬ್‌ಸೈಟ್: www.cescmysore.org
ಸಂಖ್ಯೆ: ಪ್ರವ್ಯ(ಖ)/ಉಪ್ರವ್ಯ(ಉ)/ಸ.ಕಾ.ಅ(ಉ)/ಹಿ.ಕ/ಇ-ಟಿ/2025-26/ 6377	ದಿನಾಂಕ: 03.06.2025
"ವಿದ್ಯುನ್ಮಾನ ಅಲ್ಪಾವಧಿ ಟೆಂಡರ್ ಪ್ರಕಟಣೆ" (ಇ-ಪ್ರೊಕ್ಯೂರ್‌ಮೆಂಟ್ ಮಾಧ್ಯಮದ ಮೂಲಕ)
ಉಲ್ಲೇಖ: 1. ಈ ಕಛೇರಿ ಅಲ್ಪಾವಧಿ ಟೆಂಡರ್ ಪ್ರಕಟಣೆ ಸಂಖ್ಯೆ: ಪ್ರವ್ಯ(ಖ)/ಉಪ್ರವ್ಯ(ಉ)/ಸ.ಕಾ.ಅ(ಉ)/ಹಿ.ಕ/ಇ-ಟಿ-20/2025-26/4825 ದಿ:20.05.2025.
ಕ್ರ.ಸಂ.	ವಿವರಣೆ ಸಂಖ್ಯೆ	ಕಾಮಗಾರಿ ವಿವರ	ಅಂದಾಜು ಮೊತ್ತ (ಲಕ್ಷಗಳಲ್ಲಿ)	ಮುಂಗಡ ಠೇವಣಿ ಮೊತ್ತ (ಸಾವಿರಗಳಲ್ಲಿ)
1	ಸಿಇಎಸ್‌ಸಿ/ಪ್ರವ್ಯ(ಖ)/ ಸಿವಿಲ್/2025-26/ ಸಿವಿಲ್-30 ದಿ:19.05.2025	ಮೈಸೂರಿನಲ್ಲಿ ಮಾನ್ಯ ವ್ಯವಸ್ಥಾಪಕ ನಿರ್ದೇಶಕರವರ ಗೃಹ ಕಛೇರಿಗೆ ಕಾಂಪೌಂಡ್ ಗೋಡೆ, Approach road, Servent Quarters ಹಾಗೂ ಇತರೆ ನಿರ್ಮಾಣ ಕಾಮಗಾರಿ	76.18	100.59
ಬಿಡ್ಡರ್‌ಗಳಿಗೆ ಸಂಬಂಧಿಸಿದ ದಾಖಲೆಗಳನ್ನು ಇ-ಪ್ರೊಕ್ಯೂರ್‌ಮೆಂಟ್ ಪೋರ್ಟಲ್‌ನಲ್ಲಿ ಪಡೆಯಬಹುದು.
ಸಹಿ/- ಪ್ರಧಾನ ವ್ಯವಸ್ಥಾಪಕರು(ಖರೀದಿ) ಚಾವಿಸನಿನಿ, ಮೈಸೂರು
ವಿದ್ಯುತ್ ಸಂಬಂಧಿತ ದೂರುಗಳಿಗೆ ಕರೆ ಮಾಡಿ : 1912
DIPR/MYS/KAVITA/16/2025-26
ಕರ್ನಾಟಕ ನಗರ ನೀರು ಸರಬರಾಜು ಮತ್ತು ಒಳಚರಂಡಿ ಮಂಡಳಿ
ಕಾರ್ಯಪಾಲಕ ಅಭಿಯಂತರರ ಕಛೇರಿ
ಕರ್ನಾಟಕ ನಗರ ನೀರು ಸರಬರಾಜು ಮತ್ತು ಒಳಚರಂಡಿ ಮಂಡಳಿ, ವಿಭಾಗ, ಬಂದೀಗೌಡ ಬಡಾವಣೆ, ಮಂಡ್ಯ
ದೂರವಾಣಿ : ಫ್ಯಾಕ್ಸ್ 08232-224816. ಇ-ಮೇಲ್- kwbeemnd@gmail.com
ಸಂಖ್ಯೆ:-ಕಾಅ/ಕಾಅ/ಮಂಡ್ಯ/ತಾಂ.ಸಾ/ತಾಂ.ಸ/ಟಿ-ಎ/321/2025-26	ದಿನಾಂಕ:05.06.2025
ಟೆಂಡರ್ ಪ್ರಕಟಣೆ - (ಕರ್ನಾಟಕ ಪಬ್ಲಿಕ್ ಪ್ರೊಕ್ಯೂರ್‌ಮೆಂಟ್ ಪೋರ್ಟಲ್ ಮೂಲಕ ಮಾತ್ರ)
ಕೆಳಕಂಡ ಕಾಮಗಾರಿಗೆ ಅರ್ಹ ಗುತ್ತಿಗೆದಾರರಿಂದ ಟೆಂಡರ್‌ಗಳನ್ನು ಕರ್ನಾಟಕ ಪಬ್ಲಿಕ್ ಪ್ರೊಕ್ಯೂರ್‌ಮೆಂಟ್ ಪೋರ್ಟಲ್ ಮೂಲಕ ಆಹ್ವಾನಿಸಲಾಗಿದೆ. ಕ್ರ. ಸಂ : 01. ಕಾಮಗಾರಿ ಸಂಖ್ಯೆ : ಕೆ.ಪಿ.ಪಿ ಪೋರ್ಟಲ್ ಇಂಡೆಂಟ್ ಸಂಖ್ಯೆ : KUWSDB/205-26/WS/WORK_INDENT345. ಮಳವಳ್ಳಿ ಪಟ್ಟಣದ ಕುಡಿಯುವ ನೀರು ಸರಬರಾಜು ಯೋಜನೆಯ ವಿವಿಧ ಡಿ.ಎ.ಎ ಗಳಿಗೆ 80 ಎಂ.ಎಂ ವ್ಯಾಸದ Air Valves, 80 ಎಂ.ಎಂ, 200 ಎಂ.ಎಂ, 250 ಎಂ.ಎಂ, 300 ಎಂ.ಎಂ ವ್ಯಾಸದ Sluice Valvesಗಳನ್ನು ಸರಬರಾಜು ಮಾಡುವ ಕಾಮಗಾರಿ.
ಟೆಂಡರ್ ಗಿಟ್ಟಿ ಮೊಬಲು : ರೂ.19,39,317/-
ಹೆಚ್ಚಿನ ವಿವರಗಳಿಗೆ ಕಾರ್ಯಪಾಲಕ ಅಭಿಯಂತರರು, ಮಂಡ್ಯ ವಿಭಾಗ ಮಂಡ್ಯ ರವರನ್ನು ಕಛೇರಿ ವೇಳೆಯಲ್ಲಿ ಸಂಪರ್ಕಿಸುವುದು.
ಸಹಿ/-ಕಾರ್ಯಪಾಲಕ ಅಭಿಯಂತರರು, ಕನಿನೀಸ ಮತ್ತು ಒಚ ಮಂಡಳಿ, ವಿಭಾಗ, ಮಂಡ್ಯ
DIPR/ಮಂಡ್ಯ/ಕೆಕೆ/165/2025-26
Hosadigantha kannada daily Printed & Published by P.S. Prakash on behalf of Jnanabharathi Prakashana Limited. Printed at Digantha Mudrana, New Thirthahalli Road, Shivamogga - 577201
and Published at 'Madhura Nilaya', 4th Cross, Durgigudi, Park Extension, Shivamogga 577202. Ph: (08182) 401752, 8861209076. Editor : P.S. Prakash, Group Editor : Vinayak S. Bhat.
